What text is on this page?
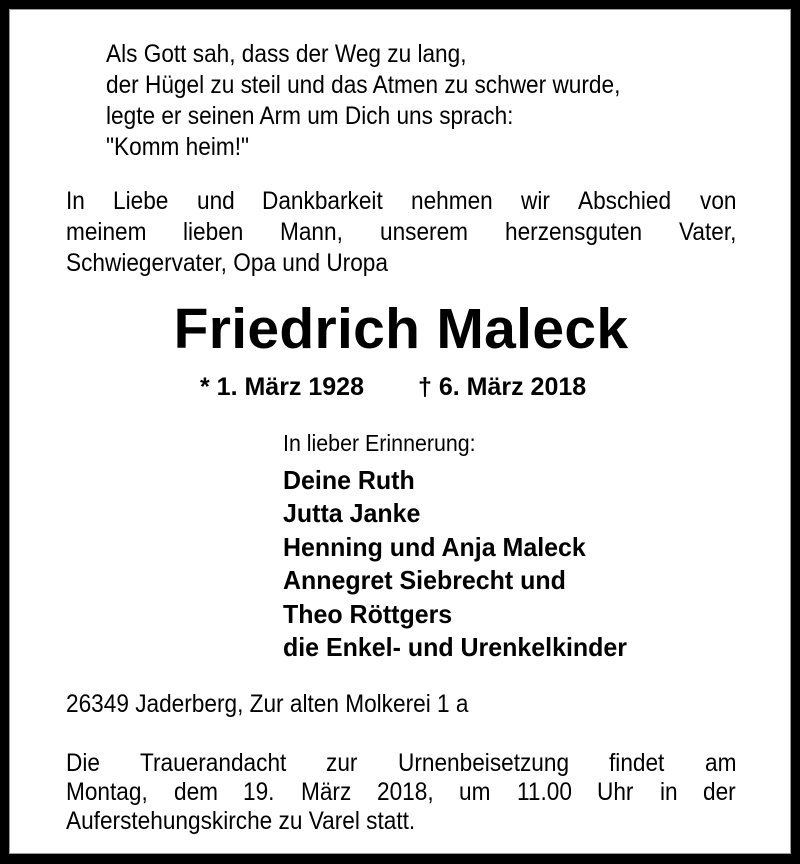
Als Gott sah, dass der Weg zu lang,
der Hügel zu steil und das Atmen zu schwer wurde,
legte er seinen Arm um Dich uns sprach:
"Komm heim!"
In Liebe und Dankbarkeit nehmen wir Abschied von
meinem lieben Mann, unserem herzensguten Vater,
Schwiegervater, Opa und Uropa
Friedrich Maleck
* 1. März 1928 † 6. März 2018
In lieber Erinnerung:
Deine Ruth
Jutta Janke
Henning und Anja Maleck
Annegret Siebrecht und
Theo Röttgers
die Enkel- und Urenkelkinder
26349 Jaderberg, Zur alten Molkerei 1 a
Die Trauerandacht zur Urnenbeisetzung findet am
Montag, dem 19. März 2018, um 11.00 Uhr in der
Auferstehungskirche zu Varel statt.
